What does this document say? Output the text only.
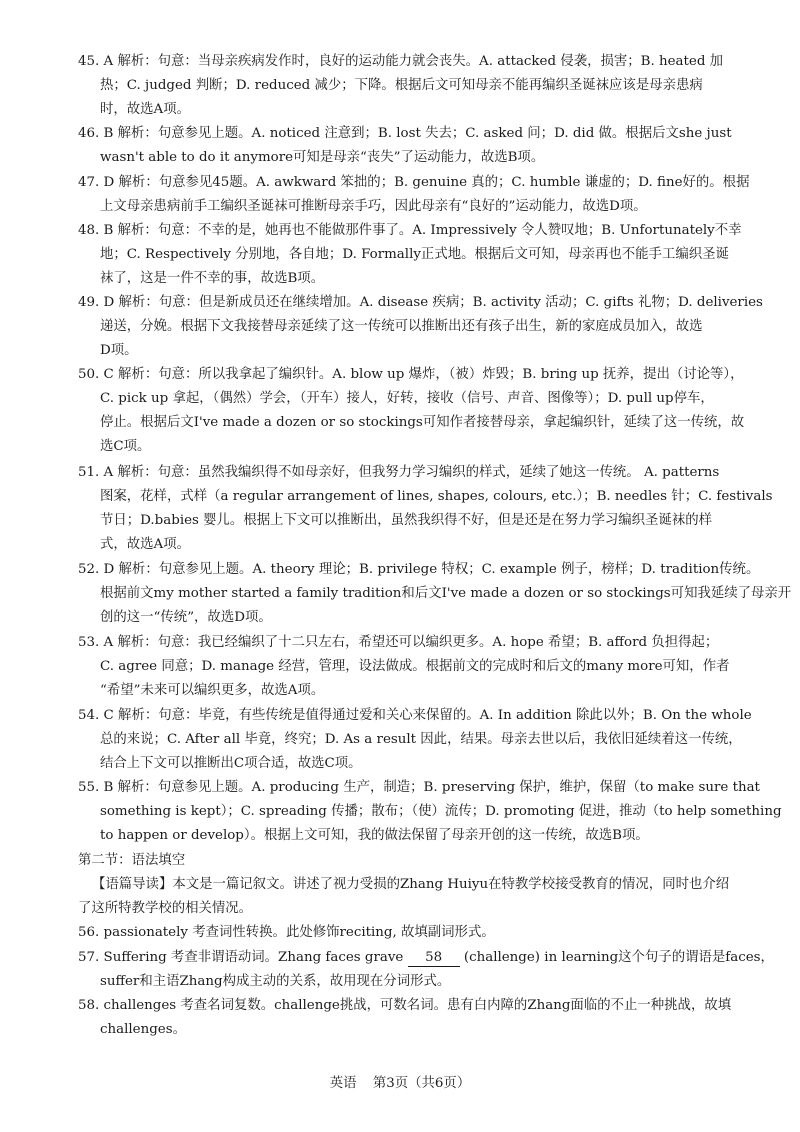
45. A 解析：句意：当母亲疾病发作时，良好的运动能力就会丧失。A. attacked 侵袭，损害；B. heated 加
热；C. judged 判断；D. reduced 减少；下降。根据后文可知母亲不能再编织圣诞袜应该是母亲患病
时，故选A项。
46. B 解析：句意参见上题。A. noticed 注意到；B. lost 失去；C. asked 问；D. did 做。根据后文she just
wasn't able to do it anymore可知是母亲“丧失”了运动能力，故选B项。
47. D 解析：句意参见45题。A. awkward 笨拙的；B. genuine 真的；C. humble 谦虚的；D. fine好的。根据
上文母亲患病前手工编织圣诞袜可推断母亲手巧，因此母亲有“良好的”运动能力，故选D项。
48. B 解析：句意：不幸的是，她再也不能做那件事了。A. Impressively 令人赞叹地；B. Unfortunately不幸
地；C. Respectively 分别地，各自地；D. Formally正式地。根据后文可知，母亲再也不能手工编织圣诞
袜了，这是一件不幸的事，故选B项。
49. D 解析：句意：但是新成员还在继续增加。A. disease 疾病；B. activity 活动；C. gifts 礼物；D. deliveries
递送，分娩。根据下文我接替母亲延续了这一传统可以推断出还有孩子出生，新的家庭成员加入，故选
D项。
50. C 解析：句意：所以我拿起了编织针。A. blow up 爆炸，（被）炸毁；B. bring up 抚养，提出（讨论等），
C. pick up 拿起，（偶然）学会，（开车）接人，好转，接收（信号、声音、图像等）；D. pull up停车，
停止。根据后文I've made a dozen or so stockings可知作者接替母亲，拿起编织针，延续了这一传统，故
选C项。
51. A 解析：句意：虽然我编织得不如母亲好，但我努力学习编织的样式，延续了她这一传统。 A. patterns
图案，花样，式样（a regular arrangement of lines, shapes, colours, etc.）；B. needles 针；C. festivals
节日；D.babies 婴儿。根据上下文可以推断出，虽然我织得不好，但是还是在努力学习编织圣诞袜的样
式，故选A项。
52. D 解析：句意参见上题。A. theory 理论；B. privilege 特权；C. example 例子，榜样；D. tradition传统。
根据前文my mother started a family tradition和后文I've made a dozen or so stockings可知我延续了母亲开
创的这一“传统”，故选D项。
53. A 解析：句意：我已经编织了十二只左右，希望还可以编织更多。A. hope 希望；B. afford 负担得起；
C. agree 同意；D. manage 经营，管理，设法做成。根据前文的完成时和后文的many more可知，作者
“希望”未来可以编织更多，故选A项。
54. C 解析：句意：毕竟，有些传统是值得通过爱和关心来保留的。A. In addition 除此以外；B. On the whole
总的来说；C. After all 毕竟，终究；D. As a result 因此，结果。母亲去世以后，我依旧延续着这一传统，
结合上下文可以推断出C项合适，故选C项。
55. B 解析：句意参见上题。A. producing 生产，制造；B. preserving 保护，维护，保留（to make sure that
something is kept）；C. spreading 传播；散布；（使）流传；D. promoting 促进，推动（to help something
to happen or develop）。根据上文可知，我的做法保留了母亲开创的这一传统，故选B项。
第二节：语法填空
【语篇导读】本文是一篇记叙文。讲述了视力受损的Zhang Huiyu在特教学校接受教育的情况，同时也介绍
了这所特教学校的相关情况。
56. passionately 考查词性转换。此处修饰reciting, 故填副词形式。
57. Suffering 考查非谓语动词。Zhang faces grave 58 (challenge) in learning这个句子的谓语是faces，
suffer和主语Zhang构成主动的关系，故用现在分词形式。
58. challenges 考查名词复数。challenge挑战，可数名词。患有白内障的Zhang面临的不止一种挑战，故填
challenges。
英语 第3页（共6页）
